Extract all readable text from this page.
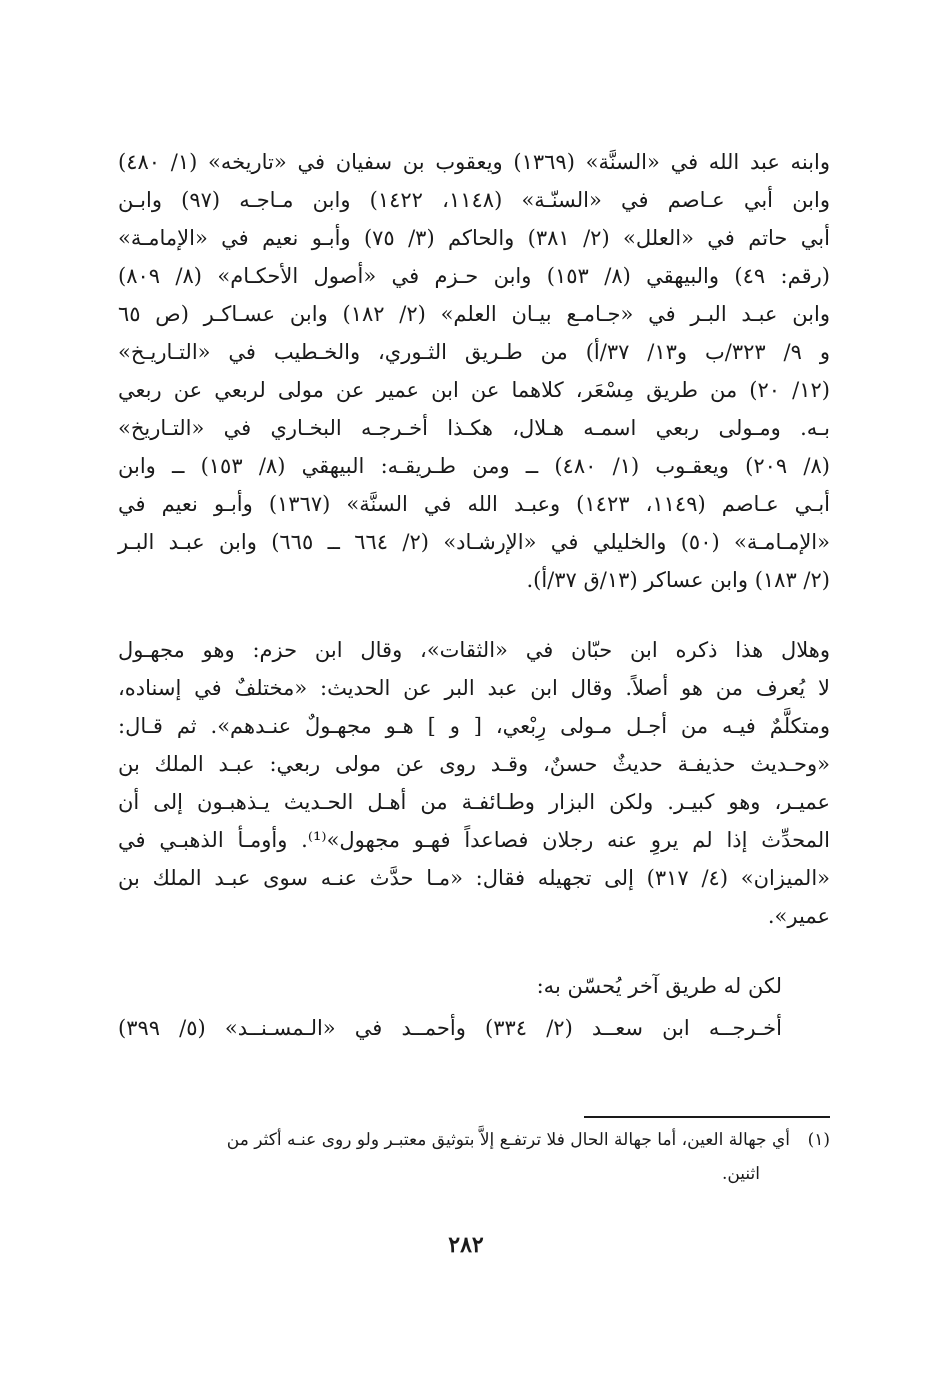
وابنه عبد الله في «السنَّة» (١٣٦٩) ويعقوب بن سفيان في «تاريخه» (١/ ٤٨٠)
وابن أبي عـاصم في «السنّـة» (١١٤٨، ١٤٢٢) وابن مـاجـه (٩٧) وابـن
أبي حاتم في «العلل» (٢/ ٣٨١) والحاكم (٣/ ٧٥) وأبـو نعيم في «الإمامـة»
(رقم: ٤٩) والبيهقي (٨/ ١٥٣) وابن حـزم في «أصول الأحكـام» (٨/ ٨٠٩)
وابن عبـد البـر في «جـامـع بيـان العلم» (٢/ ١٨٢) وابن عسـاكـر (ص ٦٥
و ٩/ ٣٢٣/ب و١٣/ ٣٧/أ) من طـريق الثـوري، والخـطيب في «التـاريـخ»
(١٢/ ٢٠) من طريق مِسْعَر، كلاهما عن ابن عمير عن مولى لربعي عن ربعي
بـه. ومـولى ربعي اسمـه هـلال، هكـذا أخـرجـه البخـاري في «التـاريخ»
(٨/ ٢٠٩) ويعقـوب (١/ ٤٨٠) ــ ومن طـريقـه: البيهقي (٨/ ١٥٣) ــ وابن
أبـي عـاصم (١١٤٩، ١٤٢٣) وعبـد الله في السنَّة» (١٣٦٧) وأبـو نعيم في
«الإمـامـة» (٥٠) والخليلي في «الإرشـاد» (٢/ ٦٦٤ ــ ٦٦٥) وابن عبـد البـر
(٢/ ١٨٣) وابن عساكر (١٣/ق ٣٧/أ).
وهلال هذا ذكره ابن حبّان في «الثقات»، وقال ابن حزم: وهو مجهـول
لا يُعرف من هو أصلاً. وقال ابن عبد البر عن الحديث: «مختلفٌ في إسناده،
ومتكلَّمٌ فيـه من أجـل مـولى رِبْعي، [ و ] هـو مجهـولٌ عنـدهم». ثم قـال:
«وحـديث حذيفـة حديثٌ حسنٌ، وقـد روى عن مولى ربعي: عبـد الملك بن
عميـر، وهو كبيـر. ولكن البزار وطـائفـة من أهـل الحـديث يـذهبـون إلى أن
المحدِّث إذا لم يروِ عنه رجلان فصاعداً فهـو مجهول»⁽¹⁾. وأومـأ الذهبـي في
«الميزان» (٤/ ٣١٧) إلى تجهيله فقال: «مـا حدَّث عنـه سوى عبـد الملك بن
عمير».
لكن له طريق آخر يُحسّن به:
أخـرجــه ابن سعــد (٢/ ٣٣٤) وأحمــد في «الـمسـنــد» (٥/ ٣٩٩)
(١)أي جهالة العين، أما جهالة الحال فلا ترتفـع إلاَّ بتوثيق معتبـر ولو روى عنـه أكثر من
اثنين.
٢٨٢
